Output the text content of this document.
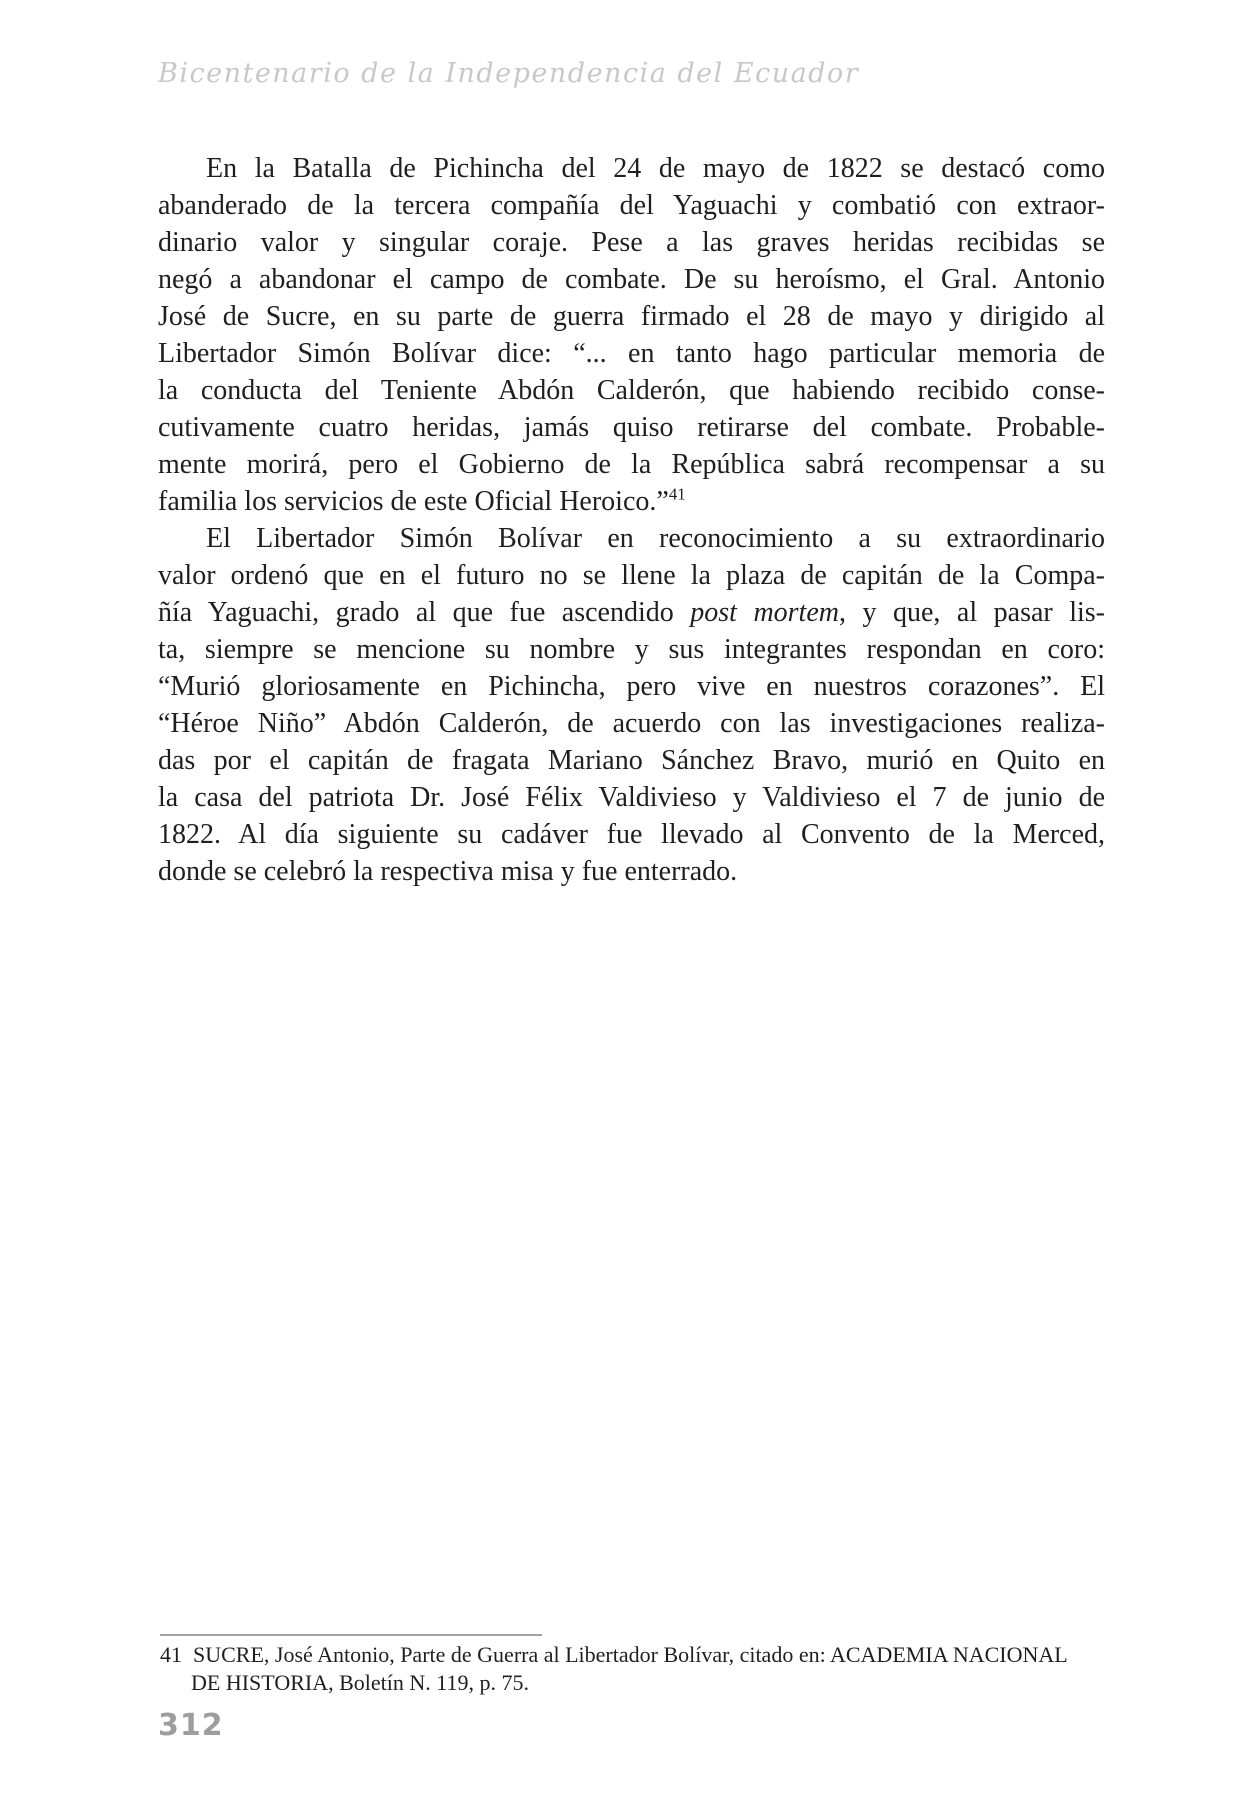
Bicentenario de la Independencia del Ecuador
En la Batalla de Pichincha del 24 de mayo de 1822 se destacó como
abanderado de la tercera compañía del Yaguachi y combatió con extraor-
dinario valor y singular coraje. Pese a las graves heridas recibidas se
negó a abandonar el campo de combate. De su heroísmo, el Gral. Antonio
José de Sucre, en su parte de guerra firmado el 28 de mayo y dirigido al
Libertador Simón Bolívar dice: “... en tanto hago particular memoria de
la conducta del Teniente Abdón Calderón, que habiendo recibido conse-
cutivamente cuatro heridas, jamás quiso retirarse del combate. Probable-
mente morirá, pero el Gobierno de la República sabrá recompensar a su
familia los servicios de este Oficial Heroico.”$^{41}$
El Libertador Simón Bolívar en reconocimiento a su extraordinario
valor ordenó que en el futuro no se llene la plaza de capitán de la Compa-
ñía Yaguachi, grado al que fue ascendido post mortem, y que, al pasar lis-
ta, siempre se mencione su nombre y sus integrantes respondan en coro:
“Murió gloriosamente en Pichincha, pero vive en nuestros corazones”. El
“Héroe Niño” Abdón Calderón, de acuerdo con las investigaciones realiza-
das por el capitán de fragata Mariano Sánchez Bravo, murió en Quito en
la casa del patriota Dr. José Félix Valdivieso y Valdivieso el 7 de junio de
1822. Al día siguiente su cadáver fue llevado al Convento de la Merced,
donde se celebró la respectiva misa y fue enterrado.
41 SUCRE, José Antonio, Parte de Guerra al Libertador Bolívar, citado en: ACADEMIA NACIONAL
DE HISTORIA, Boletín N. 119, p. 75.
312
